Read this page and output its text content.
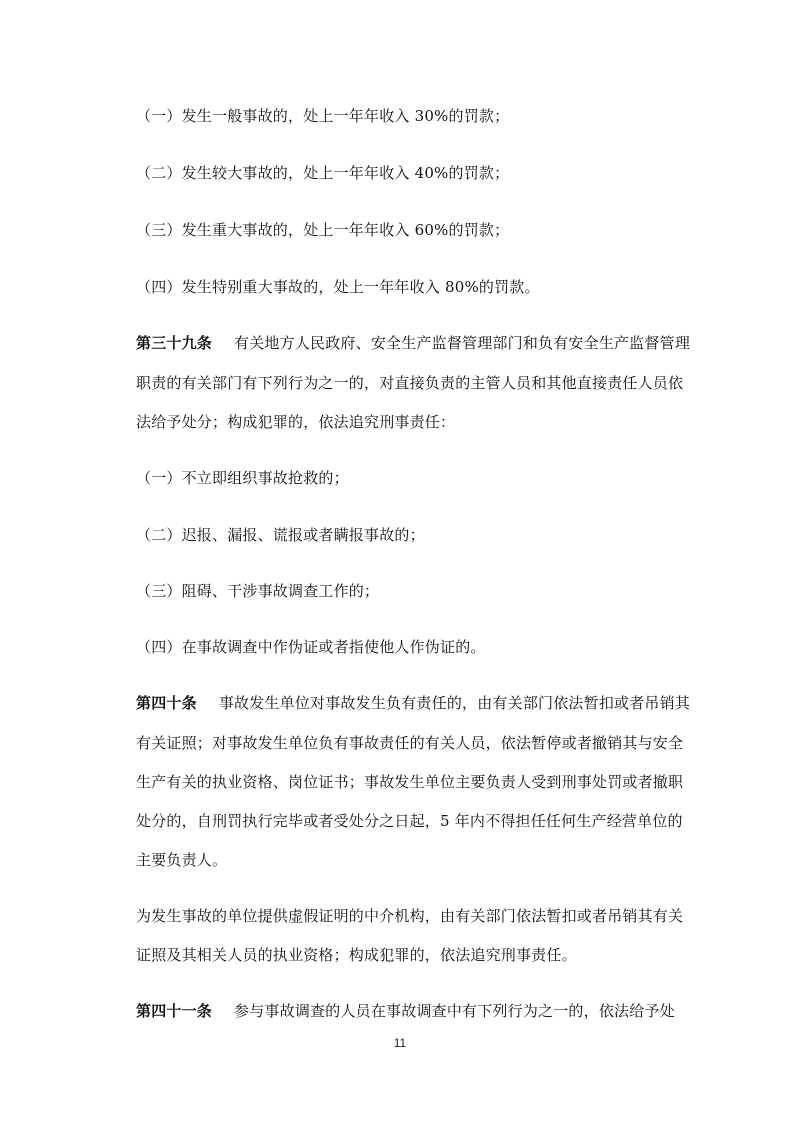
（一）发生一般事故的，处上一年年收入 30%的罚款；
（二）发生较大事故的，处上一年年收入 40%的罚款；
（三）发生重大事故的，处上一年年收入 60%的罚款；
（四）发生特别重大事故的，处上一年年收入 80%的罚款。
第三十九条 有关地方人民政府、安全生产监督管理部门和负有安全生产监督管理
职责的有关部门有下列行为之一的，对直接负责的主管人员和其他直接责任人员依
法给予处分；构成犯罪的，依法追究刑事责任：
（一）不立即组织事故抢救的；
（二）迟报、漏报、谎报或者瞒报事故的；
（三）阻碍、干涉事故调查工作的；
（四）在事故调查中作伪证或者指使他人作伪证的。
第四十条 事故发生单位对事故发生负有责任的，由有关部门依法暂扣或者吊销其
有关证照；对事故发生单位负有事故责任的有关人员，依法暂停或者撤销其与安全
生产有关的执业资格、岗位证书；事故发生单位主要负责人受到刑事处罚或者撤职
处分的，自刑罚执行完毕或者受处分之日起，5 年内不得担任任何生产经营单位的
主要负责人。
为发生事故的单位提供虚假证明的中介机构，由有关部门依法暂扣或者吊销其有关
证照及其相关人员的执业资格；构成犯罪的，依法追究刑事责任。
第四十一条 参与事故调查的人员在事故调查中有下列行为之一的，依法给予处
11
